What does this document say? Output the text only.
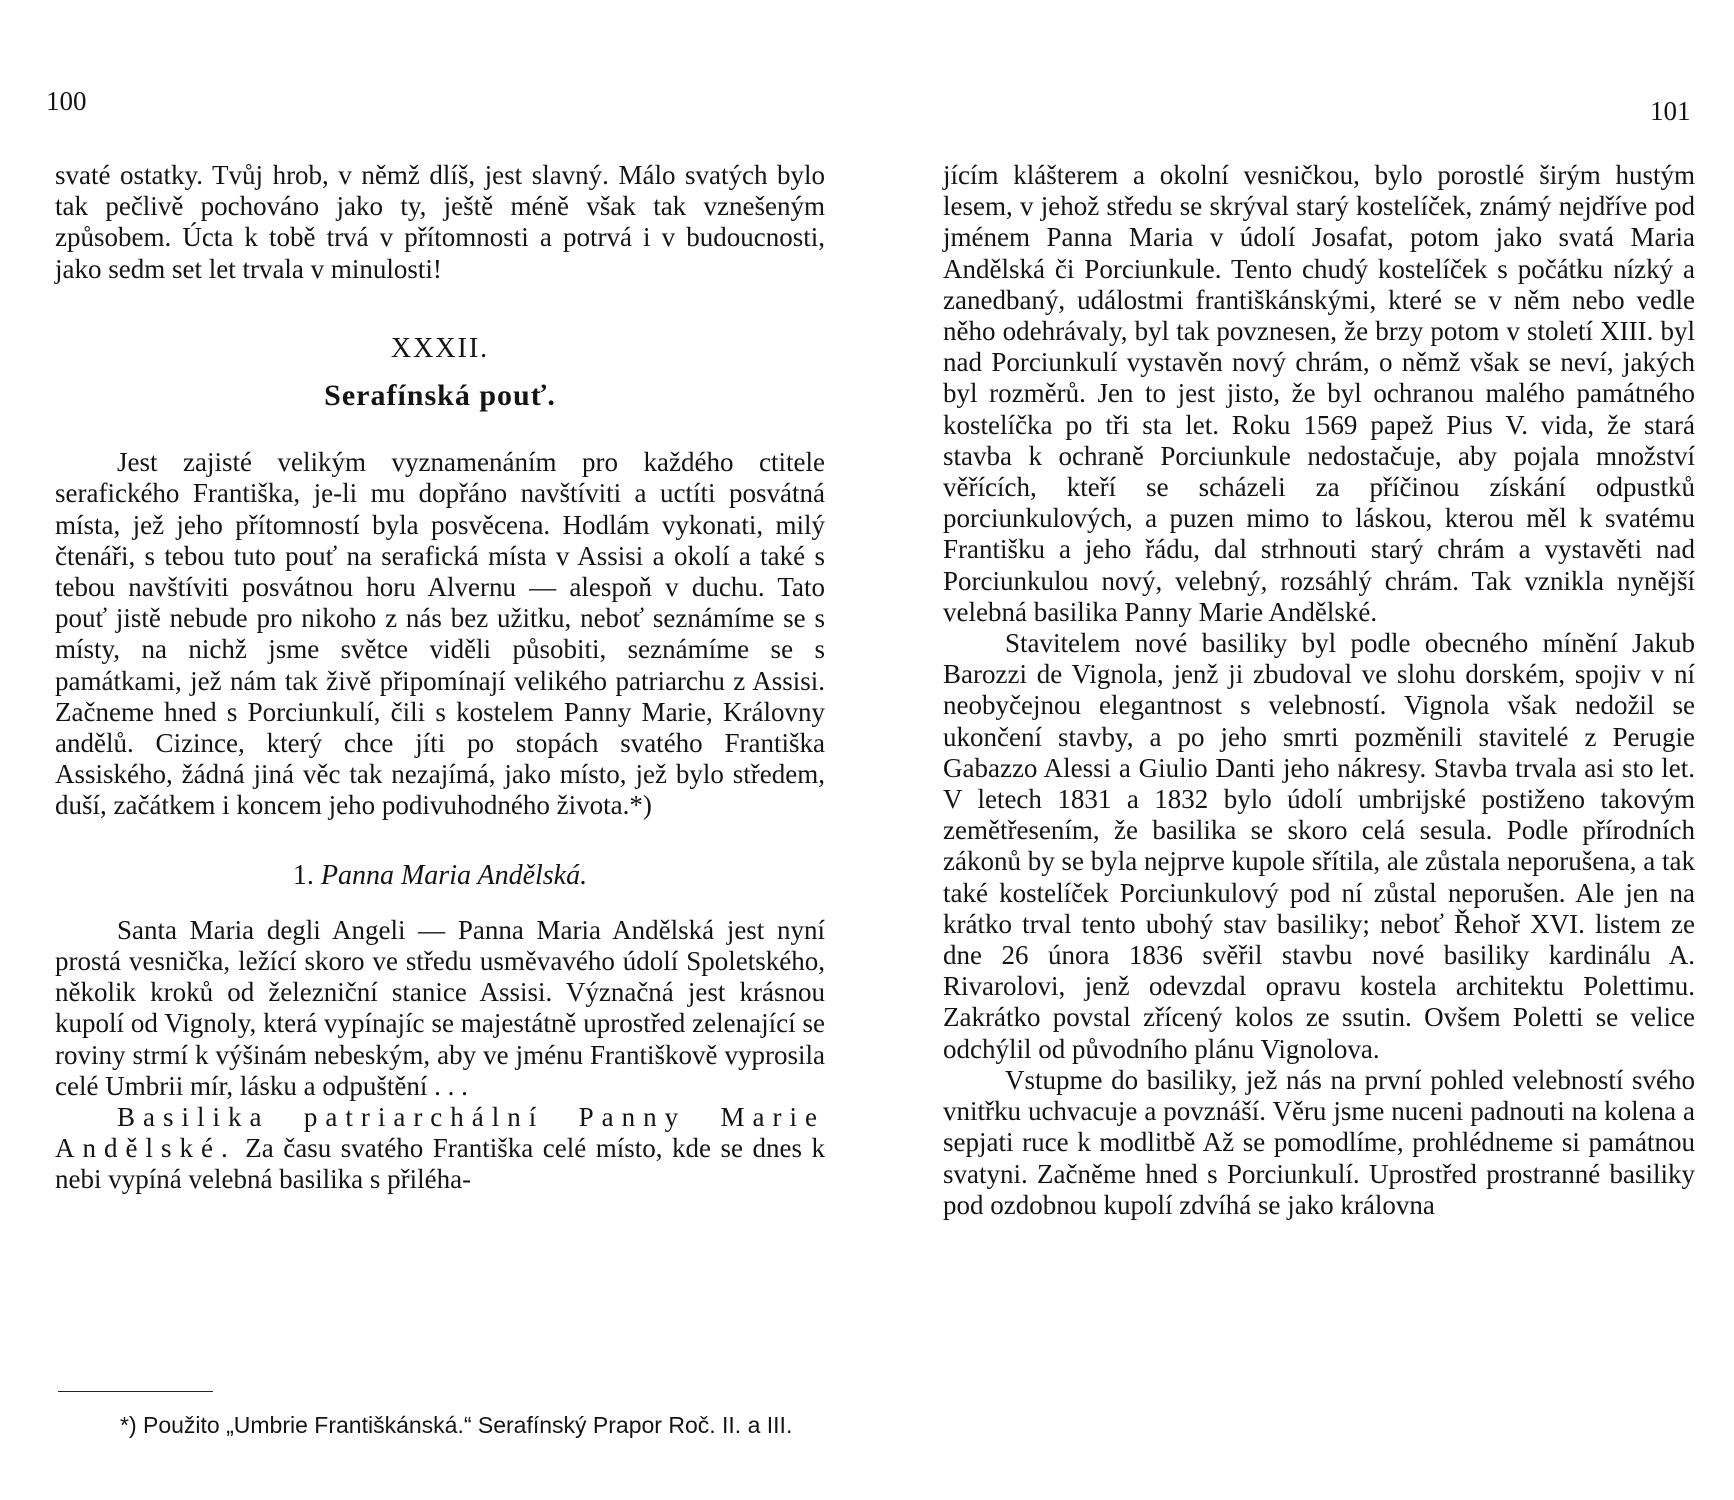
100	101

svaté ostatky. Tvůj hrob, v němž dlíš, jest slavný. Málo svatých bylo tak pečlivě pochováno jako ty, ještě méně však tak vznešeným způsobem. Úcta k tobě trvá v přítomnosti a potrvá i v budoucnosti, jako sedm set let trvala v minulosti!

XXXII.
Serafínská pouť.

Jest zajisté velikým vyznamenáním pro každého ctitele serafického Františka, je-li mu dopřáno navštíviti a uctíti posvátná místa, jež jeho přítomností byla posvěcena. Hodlám vykonati, milý čtenáři, s tebou tuto pouť na serafická místa v Assisi a okolí a také s tebou navštíviti posvátnou horu Alvernu — alespoň v duchu. Tato pouť jistě nebude pro nikoho z nás bez užitku, neboť seznámíme se s místy, na nichž jsme světce viděli působiti, seznámíme se s památkami, jež nám tak živě připomínají velikého patriarchu z Assisi. Začneme hned s Porciunkulí, čili s kostelem Panny Marie, Královny andělů. Cizince, který chce jíti po stopách svatého Františka Assiského, žádná jiná věc tak nezajímá, jako místo, jež bylo středem, duší, začátkem i koncem jeho podivuhodného života.*)

1. Panna Maria Andělská.

Santa Maria degli Angeli — Panna Maria Andělská jest nyní prostá vesnička, ležící skoro ve středu usměvavého údolí Spoletského, několik kroků od železniční stanice Assisi. Význačná jest krásnou kupolí od Vignoly, která vypínajíc se majestátně uprostřed zelenající se roviny strmí k výšinám nebeským, aby ve jménu Františkově vyprosila celé Umbrii mír, lásku a odpuštění . . .

Basilika patriarchální Panny Marie Andělské. Za času svatého Františka celé místo, kde se dnes k nebi vypíná velebná basilika s přiléha-

*) Použito „Umbrie Františkánská.“ Serafínský Prapor Roč. II. a III.

jícím klášterem a okolní vesničkou, bylo porostlé širým hustým lesem, v jehož středu se skrýval starý kostelíček, známý nejdříve pod jménem Panna Maria v údolí Josafat, potom jako svatá Maria Andělská či Porciunkule. Tento chudý kostelíček s počátku nízký a zanedbaný, událostmi františkánskými, které se v něm nebo vedle něho odehrávaly, byl tak povznesen, že brzy potom v století XIII. byl nad Porciunkulí vystavěn nový chrám, o němž však se neví, jakých byl rozměrů. Jen to jest jisto, že byl ochranou malého památného kostelíčka po tři sta let. Roku 1569 papež Pius V. vida, že stará stavba k ochraně Porciunkule nedostačuje, aby pojala množství věřících, kteří se scházeli za příčinou získání odpustků porciunkulových, a puzen mimo to láskou, kterou měl k svatému Františku a jeho řádu, dal strhnouti starý chrám a vystavěti nad Porciunkulou nový, velebný, rozsáhlý chrám. Tak vznikla nynější velebná basilika Panny Marie Andělské.

Stavitelem nové basiliky byl podle obecného mínění Jakub Barozzi de Vignola, jenž ji zbudoval ve slohu dorském, spojiv v ní neobyčejnou elegantnost s velebností. Vignola však nedožil se ukončení stavby, a po jeho smrti pozměnili stavitelé z Perugie Gabazzo Alessi a Giulio Danti jeho nákresy. Stavba trvala asi sto let. V letech 1831 a 1832 bylo údolí umbrijské postiženo takovým zemětřesením, že basilika se skoro celá sesula. Podle přírodních zákonů by se byla nejprve kupole sřítila, ale zůstala neporušena, a tak také kostelíček Porciunkulový pod ní zůstal neporušen. Ale jen na krátko trval tento ubohý stav basiliky; neboť Řehoř XVI. listem ze dne 26 února 1836 svěřil stavbu nové basiliky kardinálu A. Rivarolovi, jenž odevzdal opravu kostela architektu Polettimu. Zakrátko povstal zřícený kolos ze ssutin. Ovšem Poletti se velice odchýlil od původního plánu Vignolova.

Vstupme do basiliky, jež nás na první pohled velebností svého vnitřku uchvacuje a povznáší. Věru jsme nuceni padnouti na kolena a sepjati ruce k modlitbě Až se pomodlíme, prohlédneme si památnou svatyni. Začněme hned s Porciunkulí. Uprostřed prostranné basiliky pod ozdobnou kupolí zdvíhá se jako královna
